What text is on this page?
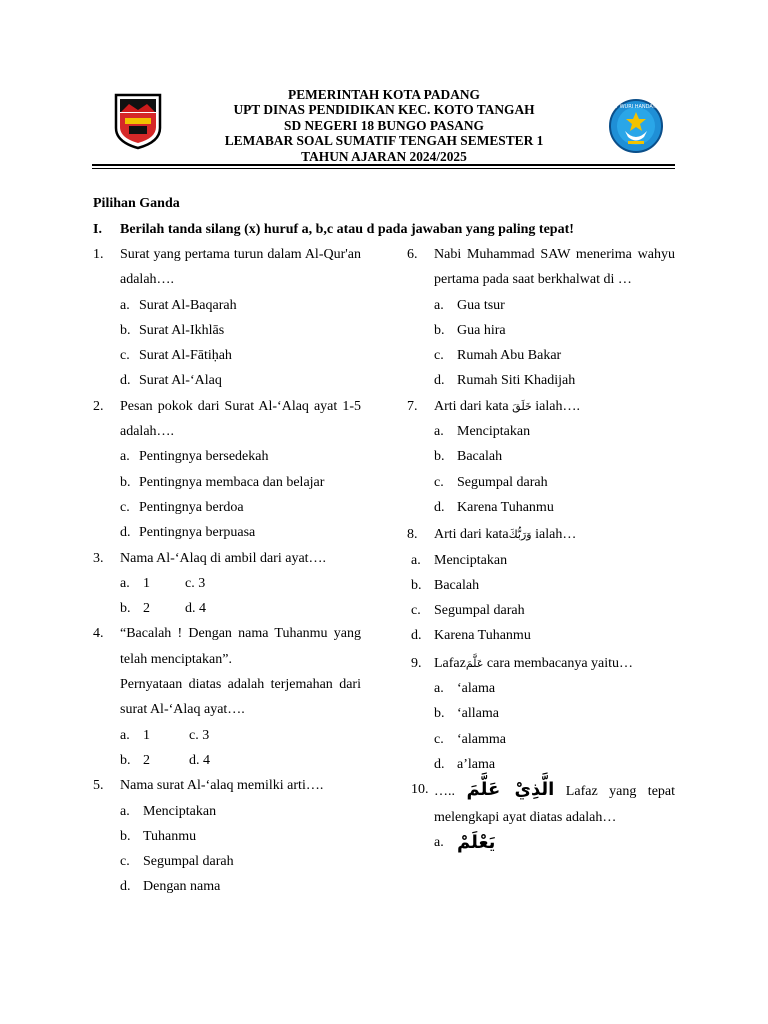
PEMERINTAH KOTA PADANG
UPT DINAS PENDIDIKAN KEC. KOTO TANGAH
SD NEGERI 18 BUNGO PASANG
LEMABAR SOAL SUMATIF TENGAH SEMESTER 1
TAHUN AJARAN 2024/2025
TUT WURI HANDAYANI
Pilihan Ganda
I. Berilah tanda silang (x) huruf a, b,c atau d pada jawaban yang paling tepat!
1.	Surat yang pertama turun dalam Al-Qur'an adalah….
a. Surat Al-Baqarah
b. Surat Al-Ikhlās
c. Surat Al-Fātiḥah
d. Surat Al-‘Alaq
2.	Pesan pokok dari Surat Al-‘Alaq ayat 1-5 adalah….
a. Pentingnya bersedekah
b. Pentingnya membaca dan belajar
c. Pentingnya berdoa
d. Pentingnya berpuasa
3.	Nama Al-‘Alaq di ambil dari ayat….
a. 1	c. 3
b. 2	d. 4
4.	“Bacalah ! Dengan nama Tuhanmu yang telah menciptakan”.
Pernyataan diatas adalah terjemahan dari surat Al-‘Alaq ayat….
a. 1	c. 3
b. 2	d. 4
5.	Nama surat Al-‘alaq memilki arti….
a. Menciptakan
b. Tuhanmu
c. Segumpal darah
d. Dengan nama
6.	Nabi Muhammad SAW menerima wahyu pertama pada saat berkhalwat di …
a. Gua tsur
b. Gua hira
c. Rumah Abu Bakar
d. Rumah Siti Khadijah
7.	Arti dari kata خَلَقَ ialah….
a. Menciptakan
b. Bacalah
c. Segumpal darah
d. Karena Tuhanmu
8.	Arti dari kataوَرَبُّكَ ialah…
a. Menciptakan
b. Bacalah
c. Segumpal darah
d. Karena Tuhanmu
9. Lafazعَلَّمَ cara membacanya yaitu…
a. ‘alama
b. ‘allama
c. ‘alamma
d. a’lama
10. ….. الَّذِيْ عَلَّمَ Lafaz yang tepat melengkapi ayat diatas adalah…
a. يَعْلَمْ
